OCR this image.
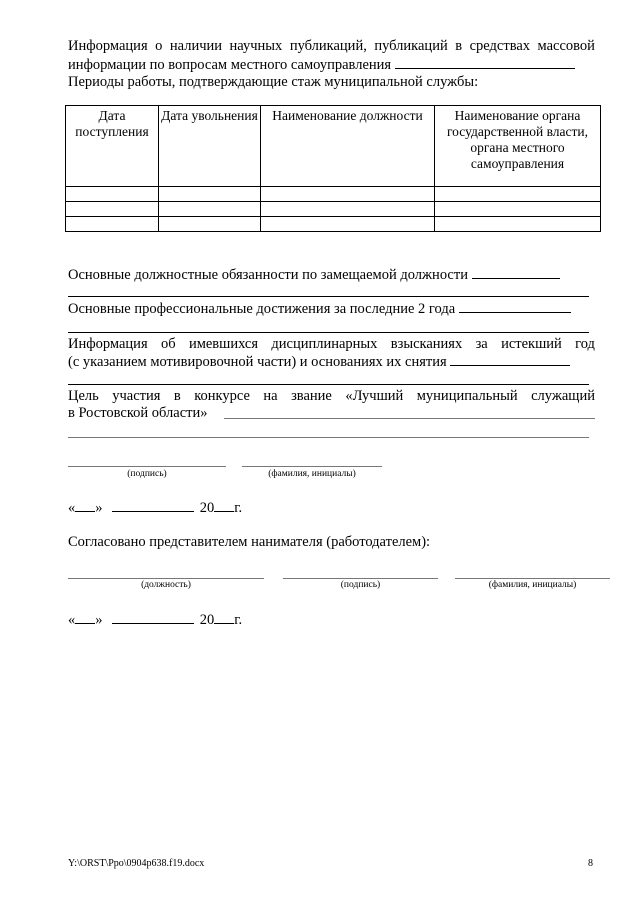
Информация о наличии научных публикаций, публикаций в средствах массовой
информации по вопросам местного самоуправления
Периоды работы, подтверждающие стаж муниципальной службы:
Дата поступления	Дата увольнения	Наименование должности	Наименование органа государственной власти, органа местного самоуправления

Основные должностные обязанности по замещаемой должности
Основные профессиональные достижения за последние 2 года
Информация об имевшихся дисциплинарных взысканиях за истекший год
(с указанием мотивировочной части) и основаниях их снятия
Цель участия в конкурсе на звание «Лучший муниципальный служащий
в Ростовской области»
(подпись)	(фамилия, инициалы)
« »	20 г.
Согласовано представителем нанимателя (работодателем):
(должность)	(подпись)	(фамилия, инициалы)
« »	20 г.
Y:\ORST\Ppo\0904p638.f19.docx	8
